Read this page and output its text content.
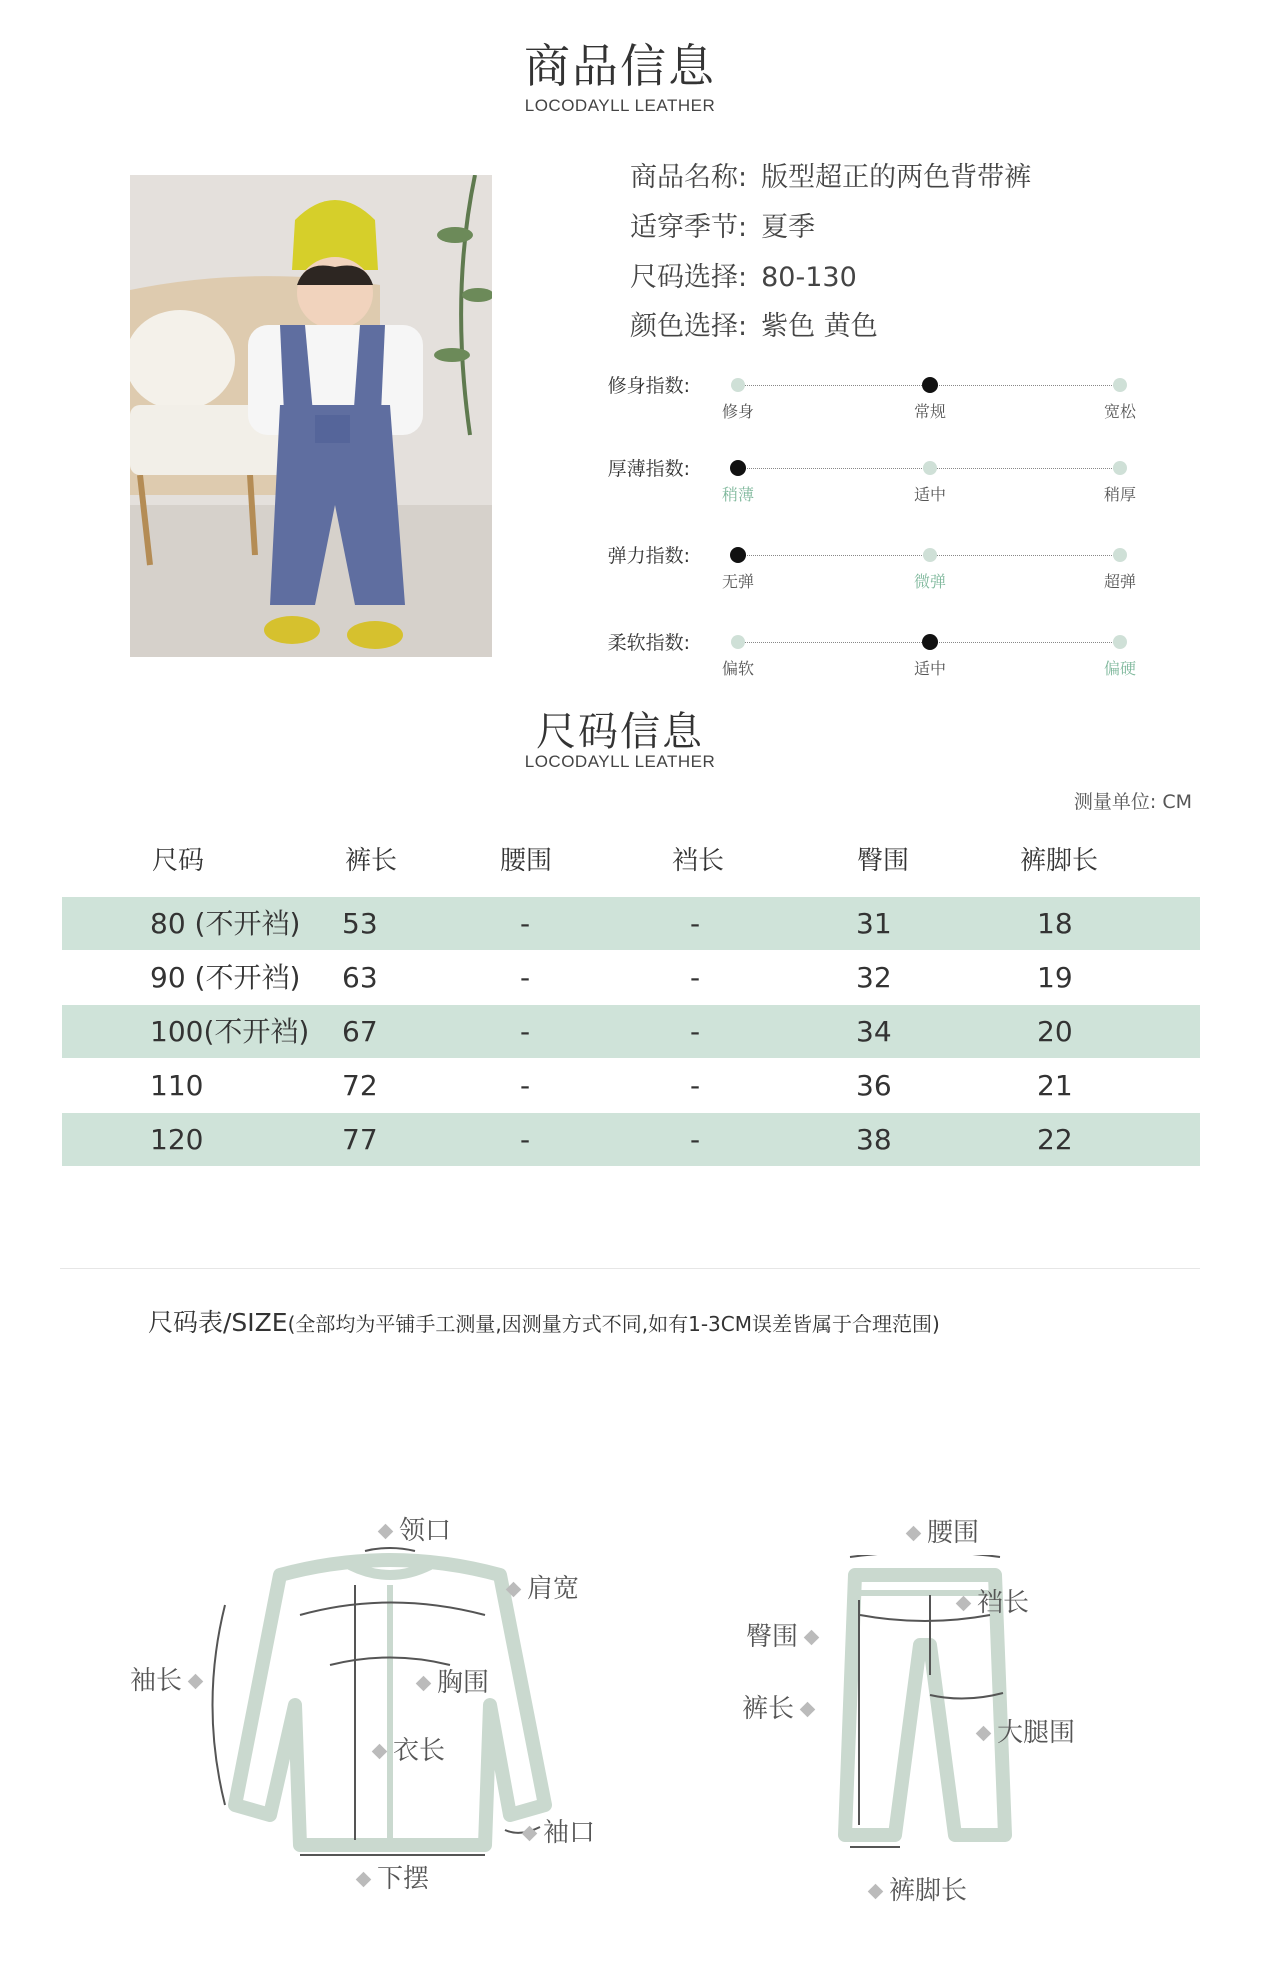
商品信息
LOCODAYLL LEATHER
商品名称: 版型超正的两色背带裤
适穿季节: 夏季
尺码选择: 80-130
颜色选择: 紫色 黄色
修身指数:
修身	常规	宽松
厚薄指数:
稍薄	适中	稍厚
弹力指数:
无弹	微弹	超弹
柔软指数:
偏软	适中	偏硬
尺码信息
LOCODAYLL LEATHER
测量单位: CM
尺码	裤长	腰围	裆长	臀围	裤脚长
80 (不开裆) 53	-	-	31	18
90 (不开裆) 63	-	-	32	19
100(不开裆) 67	-	-	34	20
110	72	-	-	36	21
120	77	-	-	38	22
尺码表/SIZE(全部均为平铺手工测量,因测量方式不同,如有1-3CM误差皆属于合理范围)
领口
肩宽
袖长	胸围
衣长
袖口
下摆
腰围
裆长
臀围
裤长
大腿围
裤脚长
